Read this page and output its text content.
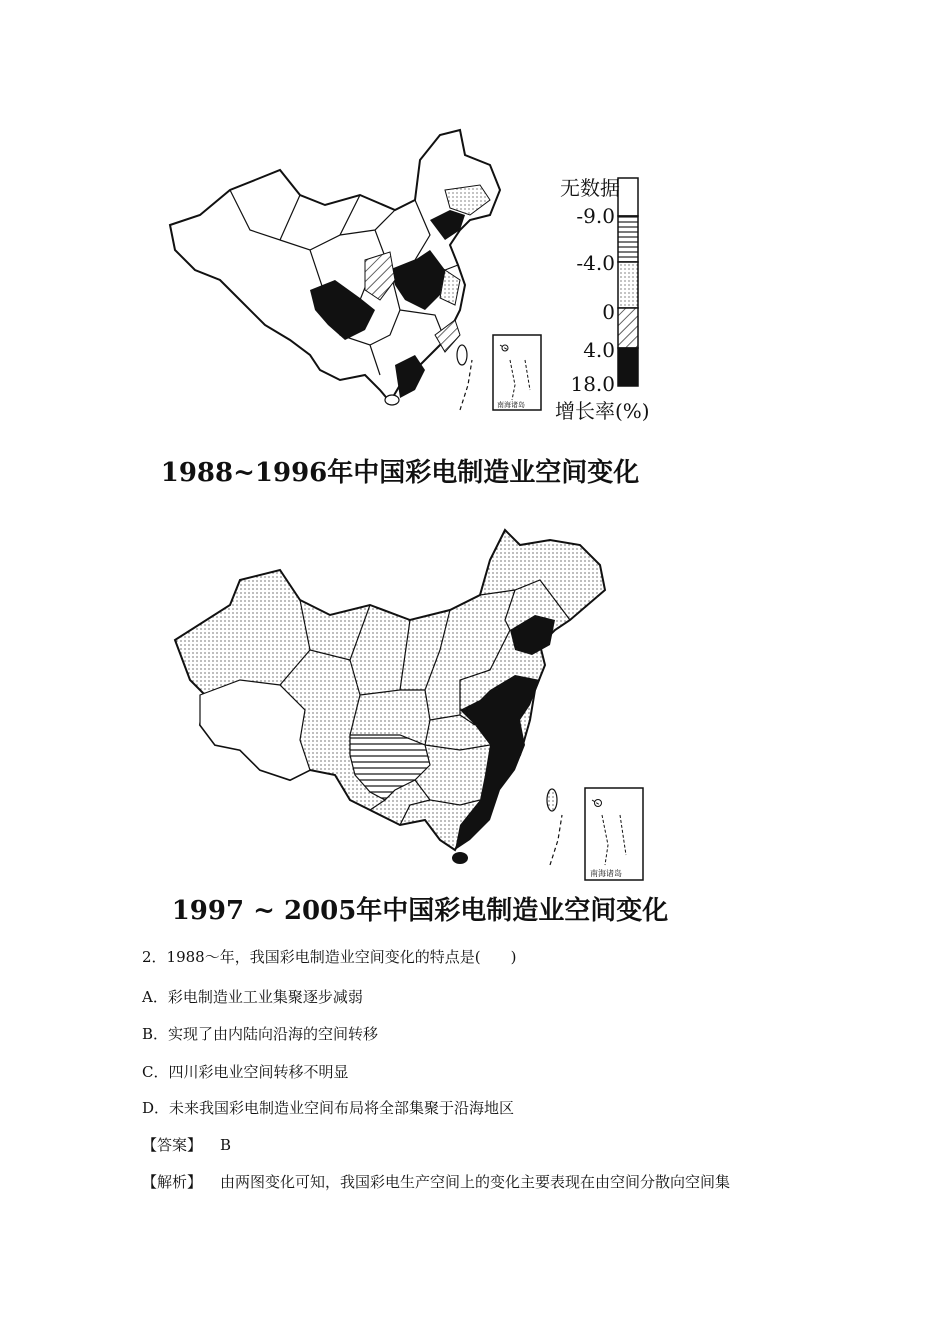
南海诸岛
无数据
-9.0
-4.0
0
4.0
18.0
增长率(%)
1988~1996年中国彩电制造业空间变化
南海诸岛
1997 ~ 2005年中国彩电制造业空间变化
2．1988～年，我国彩电制造业空间变化的特点是(　　)
A．彩电制造业工业集聚逐步减弱
B．实现了由内陆向沿海的空间转移
C．四川彩电业空间转移不明显
D．未来我国彩电制造业空间布局将全部集聚于沿海地区
【答案】 B
【解析】 由两图变化可知，我国彩电生产空间上的变化主要表现在由空间分散向空间集
